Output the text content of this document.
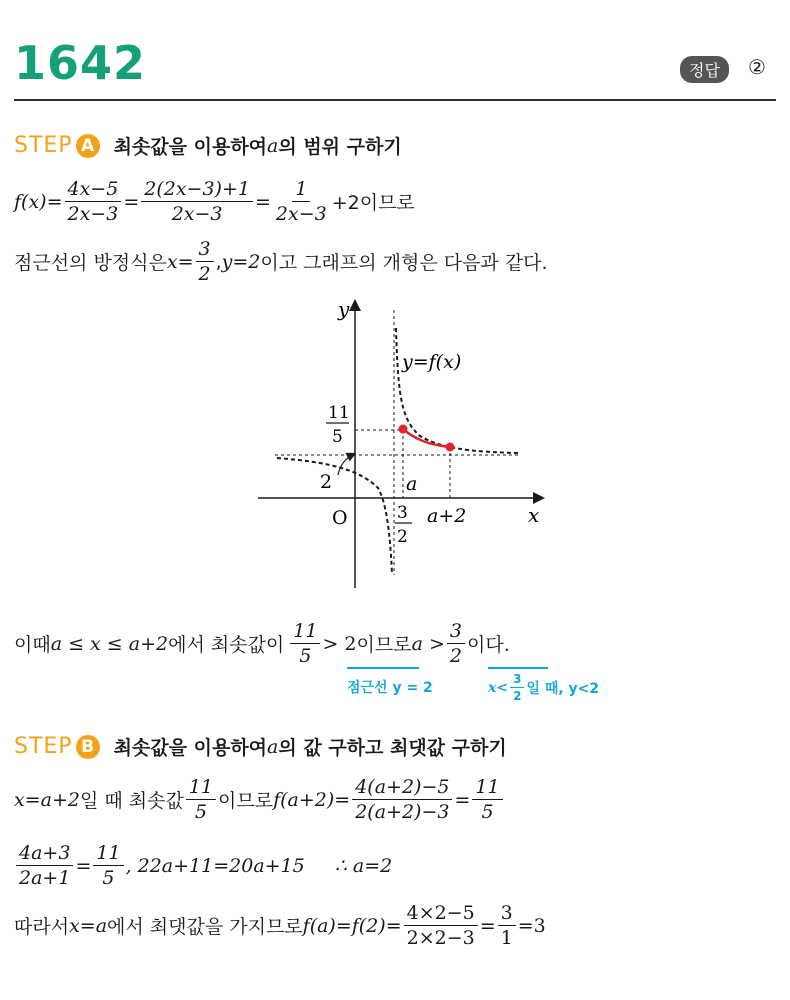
1642	정답	②
STEP A 최솟값을 이용하여 a 의 범위 구하기
$f(x)= \frac{4x-5}{2x-3} = \frac{2(2x-3)+1}{2x-3} = \frac{1}{2x-3} +2$이므로
점근선의 방정식은 $x= \frac{3}{2}$ , y=2 이고 그래프의 개형은 다음과 같다.
y
x
O
y=f(x)
11
5
2	a
3
2
a+2
이때 a ≤ x ≤ a+2 에서 최솟값이 $\frac{11}{5} > 2$ 이므로 $a > \frac{3}{2}$ 이다.
점근선 y = 2	$x< \frac{3}{2}$ 일 때, y<2
STEP B 최솟값을 이용하여 a 의 값 구하고 최댓값 구하기
x=a+2 일 때 최솟값 $\frac{11}{5}$ 이므로 $f(a+2)= \frac{4(a+2)-5}{2(a+2)-3} = \frac{11}{5}$
$\frac{4a+3}{2a+1} = \frac{11}{5}$ , 22a+11=20a+15 ∴ a=2
따라서 x=a 에서 최댓값을 가지므로 $f(a)=f(2)= \frac{4\times 2-5}{2\times 2-3} = \frac{3}{1} =3$
